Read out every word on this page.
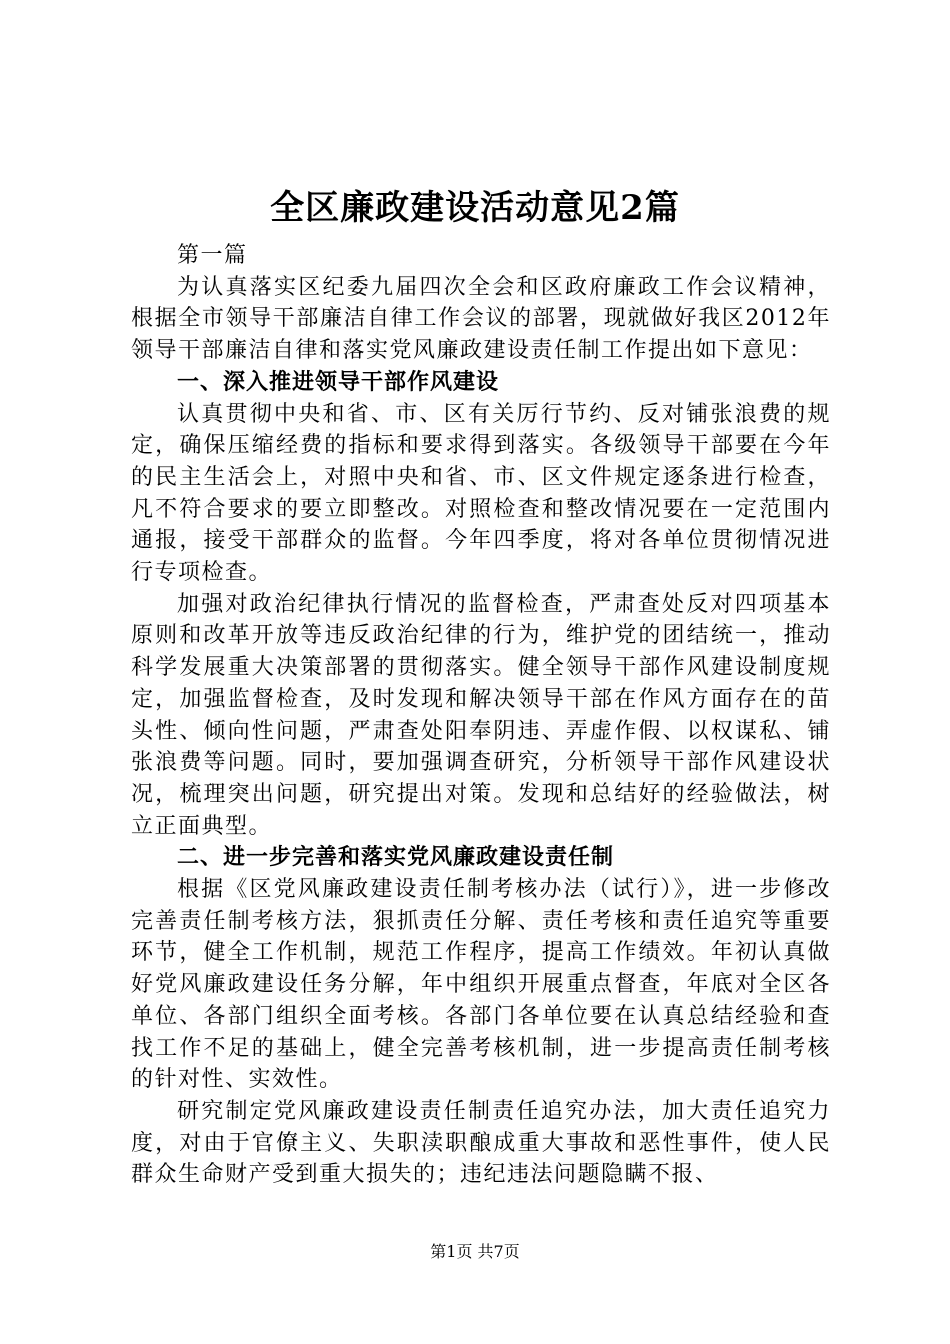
全区廉政建设活动意见2篇

第一篇

为认真落实区纪委九届四次全会和区政府廉政工作会议精神，根据全市领导干部廉洁自律工作会议的部署，现就做好我区2012年领导干部廉洁自律和落实党风廉政建设责任制工作提出如下意见：

一、深入推进领导干部作风建设

认真贯彻中央和省、市、区有关厉行节约、反对铺张浪费的规定，确保压缩经费的指标和要求得到落实。各级领导干部要在今年的民主生活会上，对照中央和省、市、区文件规定逐条进行检查，凡不符合要求的要立即整改。对照检查和整改情况要在一定范围内通报，接受干部群众的监督。今年四季度，将对各单位贯彻情况进行专项检查。

加强对政治纪律执行情况的监督检查，严肃查处反对四项基本原则和改革开放等违反政治纪律的行为，维护党的团结统一，推动科学发展重大决策部署的贯彻落实。健全领导干部作风建设制度规定，加强监督检查，及时发现和解决领导干部在作风方面存在的苗头性、倾向性问题，严肃查处阳奉阴违、弄虚作假、以权谋私、铺张浪费等问题。同时，要加强调查研究，分析领导干部作风建设状况，梳理突出问题，研究提出对策。发现和总结好的经验做法，树立正面典型。

二、进一步完善和落实党风廉政建设责任制

根据《区党风廉政建设责任制考核办法（试行）》，进一步修改完善责任制考核方法，狠抓责任分解、责任考核和责任追究等重要环节，健全工作机制，规范工作程序，提高工作绩效。年初认真做好党风廉政建设任务分解，年中组织开展重点督查，年底对全区各单位、各部门组织全面考核。各部门各单位要在认真总结经验和查找工作不足的基础上，健全完善考核机制，进一步提高责任制考核的针对性、实效性。

研究制定党风廉政建设责任制责任追究办法，加大责任追究力度，对由于官僚主义、失职渎职酿成重大事故和恶性事件，使人民群众生命财产受到重大损失的；违纪违法问题隐瞒不报、

第1页 共7页
